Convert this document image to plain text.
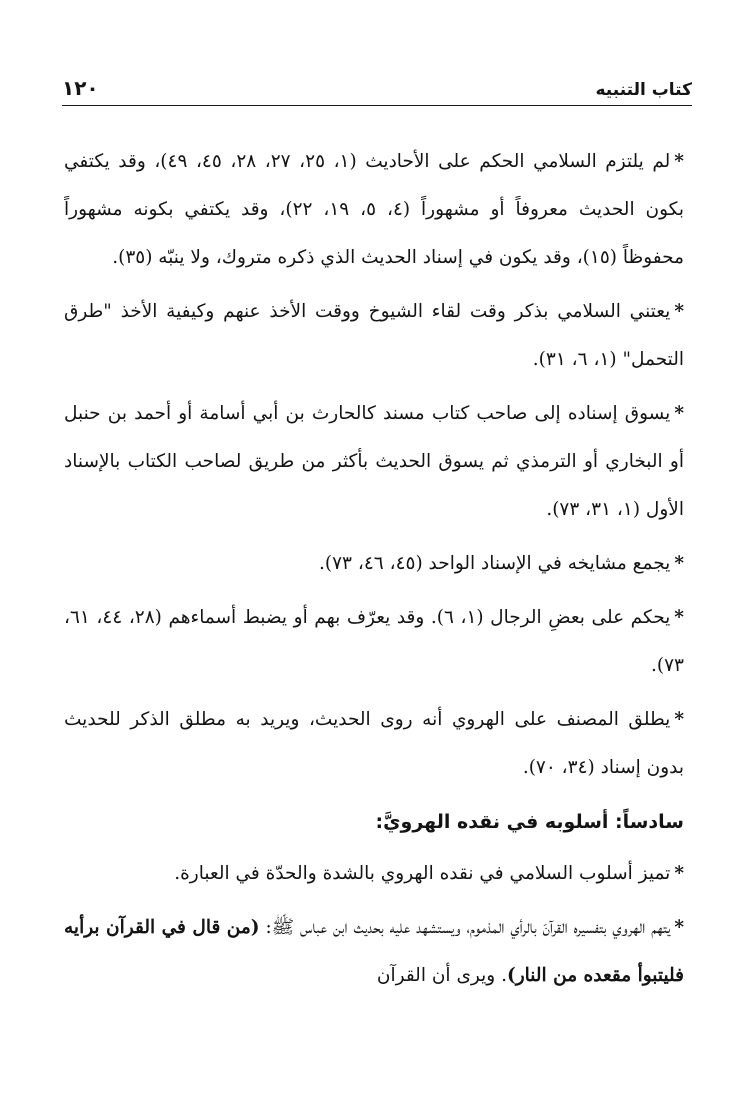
١٢٠	كتاب التنبيه

*لم يلتزم السلامي الحكم على الأحاديث (١، ٢٥، ٢٧، ٢٨، ٤٥، ٤٩)، وقد يكتفي بكون الحديث معروفاً أو مشهوراً (٤، ٥، ١٩، ٢٢)، وقد يكتفي بكونه مشهوراً محفوظاً (١٥)، وقد يكون في إسناد الحديث الذي ذكره متروك، ولا ينبّه (٣٥).

*يعتني السلامي بذكر وقت لقاء الشيوخ ووقت الأخذ عنهم وكيفية الأخذ "طرق التحمل" (١، ٦، ٣١).

*يسوق إسناده إلى صاحب كتاب مسند كالحارث بن أبي أسامة أو أحمد بن حنبل أو البخاري أو الترمذي ثم يسوق الحديث بأكثر من طريق لصاحب الكتاب بالإسناد الأول (١، ٣١، ٧٣).

*يجمع مشايخه في الإسناد الواحد (٤٥، ٤٦، ٧٣).

*يحكم على بعضِ الرجال (١، ٦). وقد يعرّف بهم أو يضبط أسماءهم (٢٨، ٤٤، ٦١، ٧٣).

*يطلق المصنف على الهروي أنه روى الحديث، ويريد به مطلق الذكر للحديث بدون إسناد (٣٤، ٧٠).

سادساً: أسلوبه في نقده الهرويَّ:

*تميز أسلوب السلامي في نقده الهروي بالشدة والحدّة في العبارة.

*يتهم الهروي بتفسيره القرآنَ بالرأي المذموم، ويستشهد عليه بحديث ابن عباس ﷺ: (من قال في القرآن برأيه فليتبوأ مقعده من النار). ويرى أن القرآن
